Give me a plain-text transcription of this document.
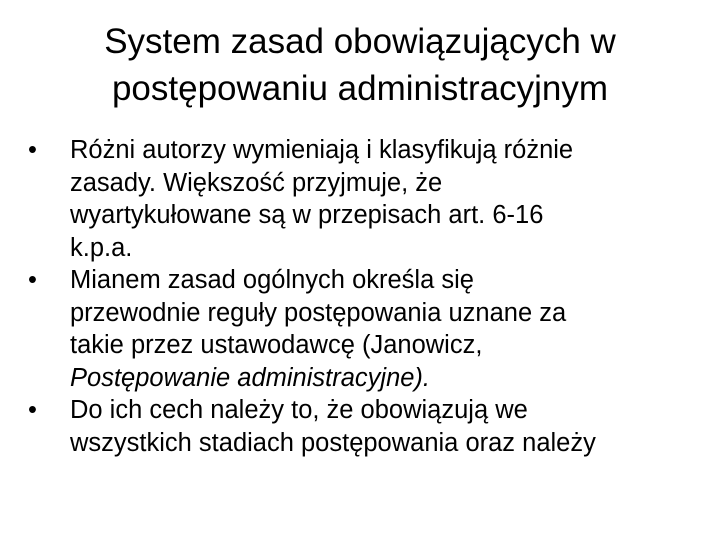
System zasad obowiązujących w
postępowaniu administracyjnym
•	Różni autorzy wymieniają i klasyfikują różnie
zasady. Większość przyjmuje, że
wyartykułowane są w przepisach art. 6-16
k.p.a.
•	Mianem zasad ogólnych określa się
przewodnie reguły postępowania uznane za
takie przez ustawodawcę (Janowicz,
Postępowanie administracyjne).
•	Do ich cech należy to, że obowiązują we
wszystkich stadiach postępowania oraz należy
